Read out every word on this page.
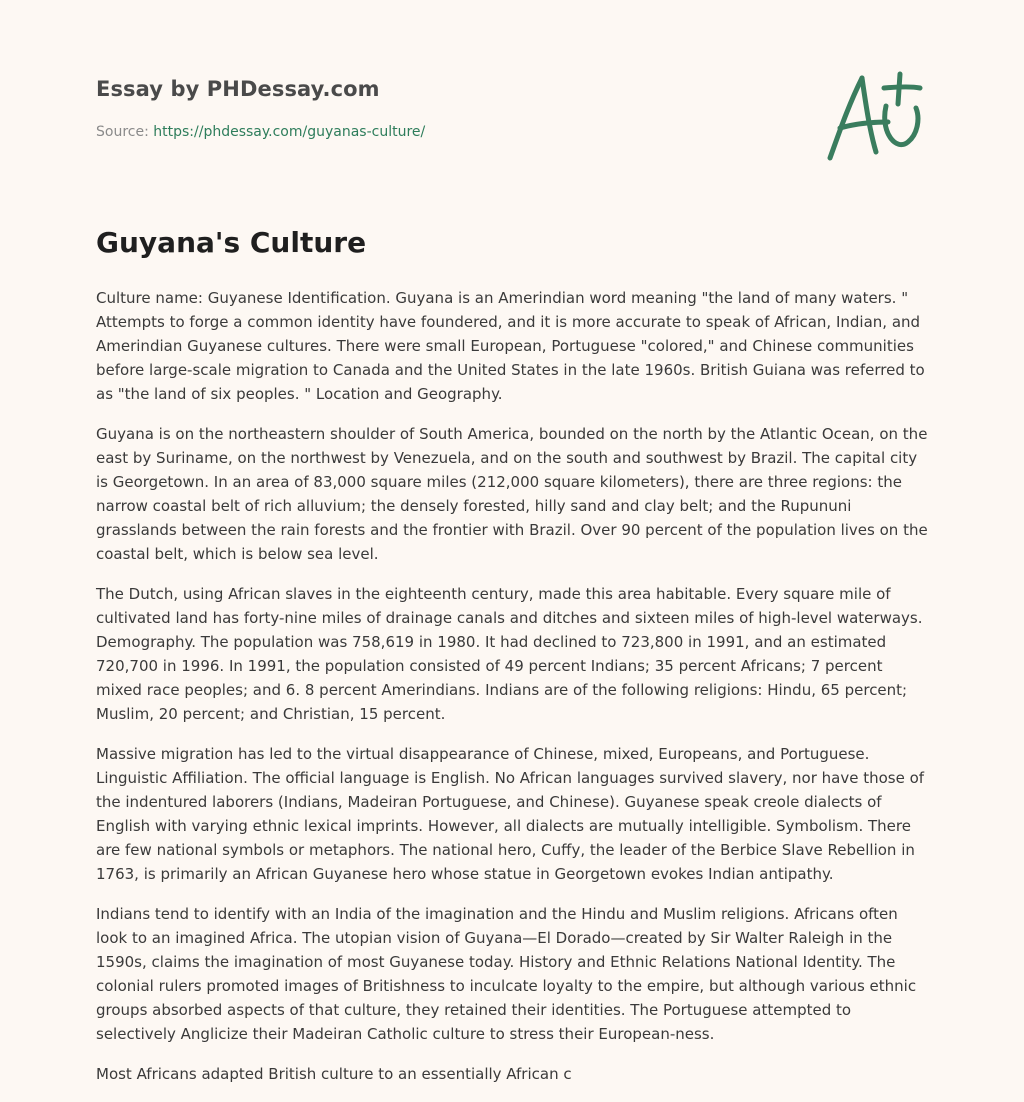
Essay by PHDessay.com
Source: https://phdessay.com/guyanas-culture/
Guyana's Culture

Culture name: Guyanese Identification. Guyana is an Amerindian word meaning "the land of many waters. " Attempts to forge a common identity have foundered, and it is more accurate to speak of African, Indian, and Amerindian Guyanese cultures. There were small European, Portuguese "colored," and Chinese communities before large-scale migration to Canada and the United States in the late 1960s. British Guiana was referred to as "the land of six peoples. " Location and Geography.

Guyana is on the northeastern shoulder of South America, bounded on the north by the Atlantic Ocean, on the east by Suriname, on the northwest by Venezuela, and on the south and southwest by Brazil. The capital city is Georgetown. In an area of 83,000 square miles (212,000 square kilometers), there are three regions: the narrow coastal belt of rich alluvium; the densely forested, hilly sand and clay belt; and the Rupununi grasslands between the rain forests and the frontier with Brazil. Over 90 percent of the population lives on the coastal belt, which is below sea level.

The Dutch, using African slaves in the eighteenth century, made this area habitable. Every square mile of cultivated land has forty-nine miles of drainage canals and ditches and sixteen miles of high-level waterways. Demography. The population was 758,619 in 1980. It had declined to 723,800 in 1991, and an estimated 720,700 in 1996. In 1991, the population consisted of 49 percent Indians; 35 percent Africans; 7 percent mixed race peoples; and 6. 8 percent Amerindians. Indians are of the following religions: Hindu, 65 percent; Muslim, 20 percent; and Christian, 15 percent.

Massive migration has led to the virtual disappearance of Chinese, mixed, Europeans, and Portuguese. Linguistic Affiliation. The official language is English. No African languages survived slavery, nor have those of the indentured laborers (Indians, Madeiran Portuguese, and Chinese). Guyanese speak creole dialects of English with varying ethnic lexical imprints. However, all dialects are mutually intelligible. Symbolism. There are few national symbols or metaphors. The national hero, Cuffy, the leader of the Berbice Slave Rebellion in 1763, is primarily an African Guyanese hero whose statue in Georgetown evokes Indian antipathy.

Indians tend to identify with an India of the imagination and the Hindu and Muslim religions. Africans often look to an imagined Africa. The utopian vision of Guyana—El Dorado—created by Sir Walter Raleigh in the 1590s, claims the imagination of most Guyanese today. History and Ethnic Relations National Identity. The colonial rulers promoted images of Britishness to inculcate loyalty to the empire, but although various ethnic groups absorbed aspects of that culture, they retained their identities. The Portuguese attempted to selectively Anglicize their Madeiran Catholic culture to stress their European-ness.

Most Africans adapted British culture to an essentially African c
